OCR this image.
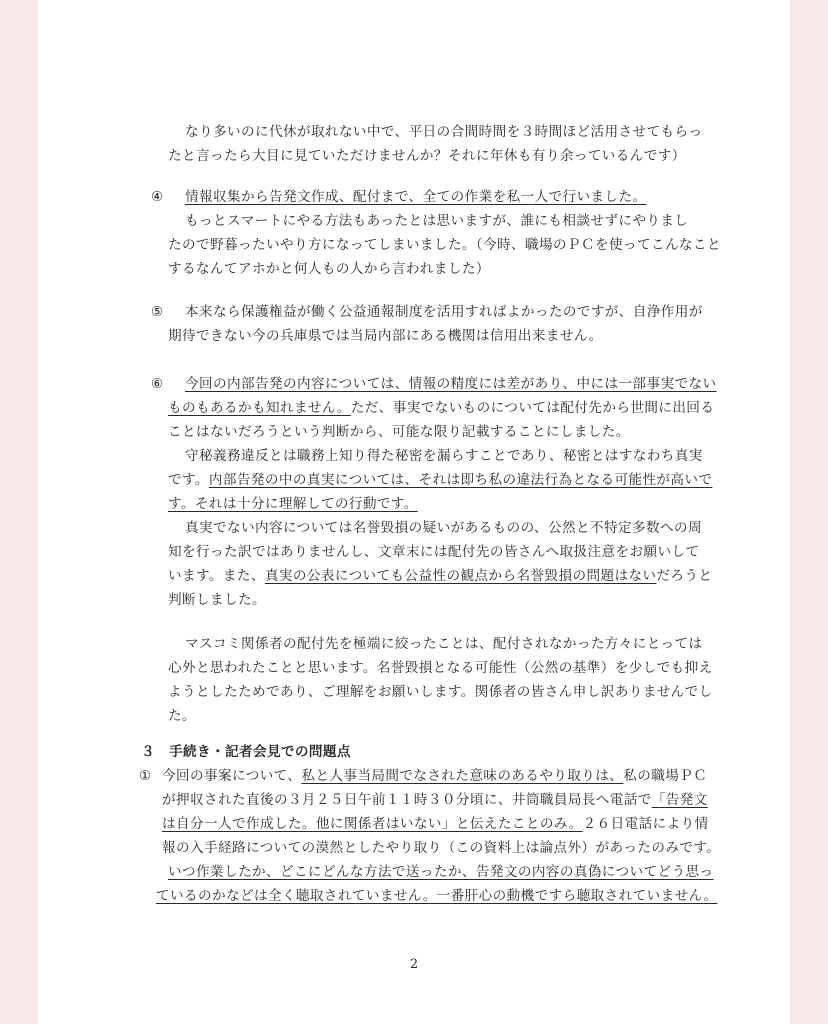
なり多いのに代休が取れない中で、平日の合間時間を３時間ほど活用させてもらっ
たと言ったら大目に見ていただけませんか？それに年休も有り余っているんです）
④ 情報収集から告発文作成、配付まで、全ての作業を私一人で行いました。
もっとスマートにやる方法もあったとは思いますが、誰にも相談せずにやりまし
たので野暮ったいやり方になってしまいました。（今時、職場のＰＣを使ってこんなこと
するなんてアホかと何人もの人から言われました）
⑤ 本来なら保護権益が働く公益通報制度を活用すればよかったのですが、自浄作用が
期待できない今の兵庫県では当局内部にある機関は信用出来ません。
⑥ 今回の内部告発の内容については、情報の精度には差があり、中には一部事実でない
ものもあるかも知れません。ただ、事実でないものについては配付先から世間に出回る
ことはないだろうという判断から、可能な限り記載することにしました。
守秘義務違反とは職務上知り得た秘密を漏らすことであり、秘密とはすなわち真実
です。内部告発の中の真実については、それは即ち私の違法行為となる可能性が高いで
す。それは十分に理解しての行動です。
真実でない内容については名誉毀損の疑いがあるものの、公然と不特定多数への周
知を行った訳ではありませんし、文章末には配付先の皆さんへ取扱注意をお願いして
います。また、真実の公表についても公益性の観点から名誉毀損の問題はないだろうと
判断しました。
マスコミ関係者の配付先を極端に絞ったことは、配付されなかった方々にとっては
心外と思われたことと思います。名誉毀損となる可能性（公然の基準）を少しでも抑え
ようとしたためであり、ご理解をお願いします。関係者の皆さん申し訳ありませんでし
た。
３　手続き・記者会見での問題点
① 今回の事案について、私と人事当局間でなされた意味のあるやり取りは、私の職場ＰＣ
が押収された直後の３月２５日午前１１時３０分頃に、井筒職員局長へ電話で「告発文
は自分一人で作成した。他に関係者はいない」と伝えたことのみ。２６日電話により情
報の入手経路についての漠然としたやり取り（この資料上は論点外）があったのみです。
いつ作業したか、どこにどんな方法で送ったか、告発文の内容の真偽についてどう思っ
ているのかなどは全く聴取されていません。一番肝心の動機ですら聴取されていません。
2
